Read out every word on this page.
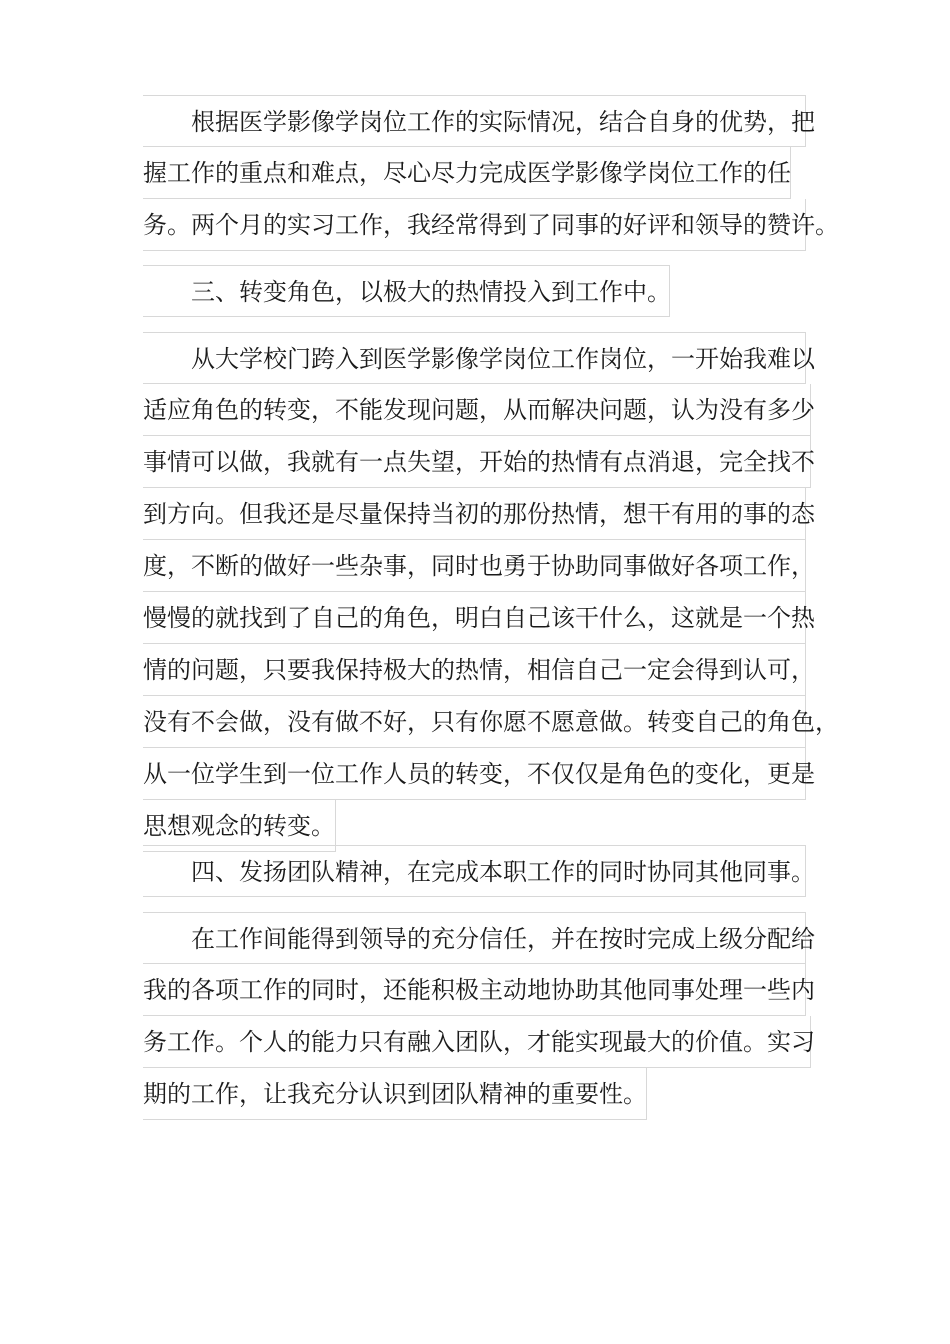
根据医学影像学岗位工作的实际情况，结合自身的优势，把
握工作的重点和难点，尽心尽力完成医学影像学岗位工作的任
务。两个月的实习工作，我经常得到了同事的好评和领导的赞许。
三、转变角色，以极大的热情投入到工作中。
从大学校门跨入到医学影像学岗位工作岗位，一开始我难以
适应角色的转变，不能发现问题，从而解决问题，认为没有多少
事情可以做，我就有一点失望，开始的热情有点消退，完全找不
到方向。但我还是尽量保持当初的那份热情，想干有用的事的态
度，不断的做好一些杂事，同时也勇于协助同事做好各项工作，
慢慢的就找到了自己的角色，明白自己该干什么，这就是一个热
情的问题，只要我保持极大的热情，相信自己一定会得到认可，
没有不会做，没有做不好，只有你愿不愿意做。转变自己的角色，
从一位学生到一位工作人员的转变，不仅仅是角色的变化，更是
思想观念的转变。
四、发扬团队精神，在完成本职工作的同时协同其他同事。
在工作间能得到领导的充分信任，并在按时完成上级分配给
我的各项工作的同时，还能积极主动地协助其他同事处理一些内
务工作。个人的能力只有融入团队，才能实现最大的价值。实习
期的工作，让我充分认识到团队精神的重要性。
